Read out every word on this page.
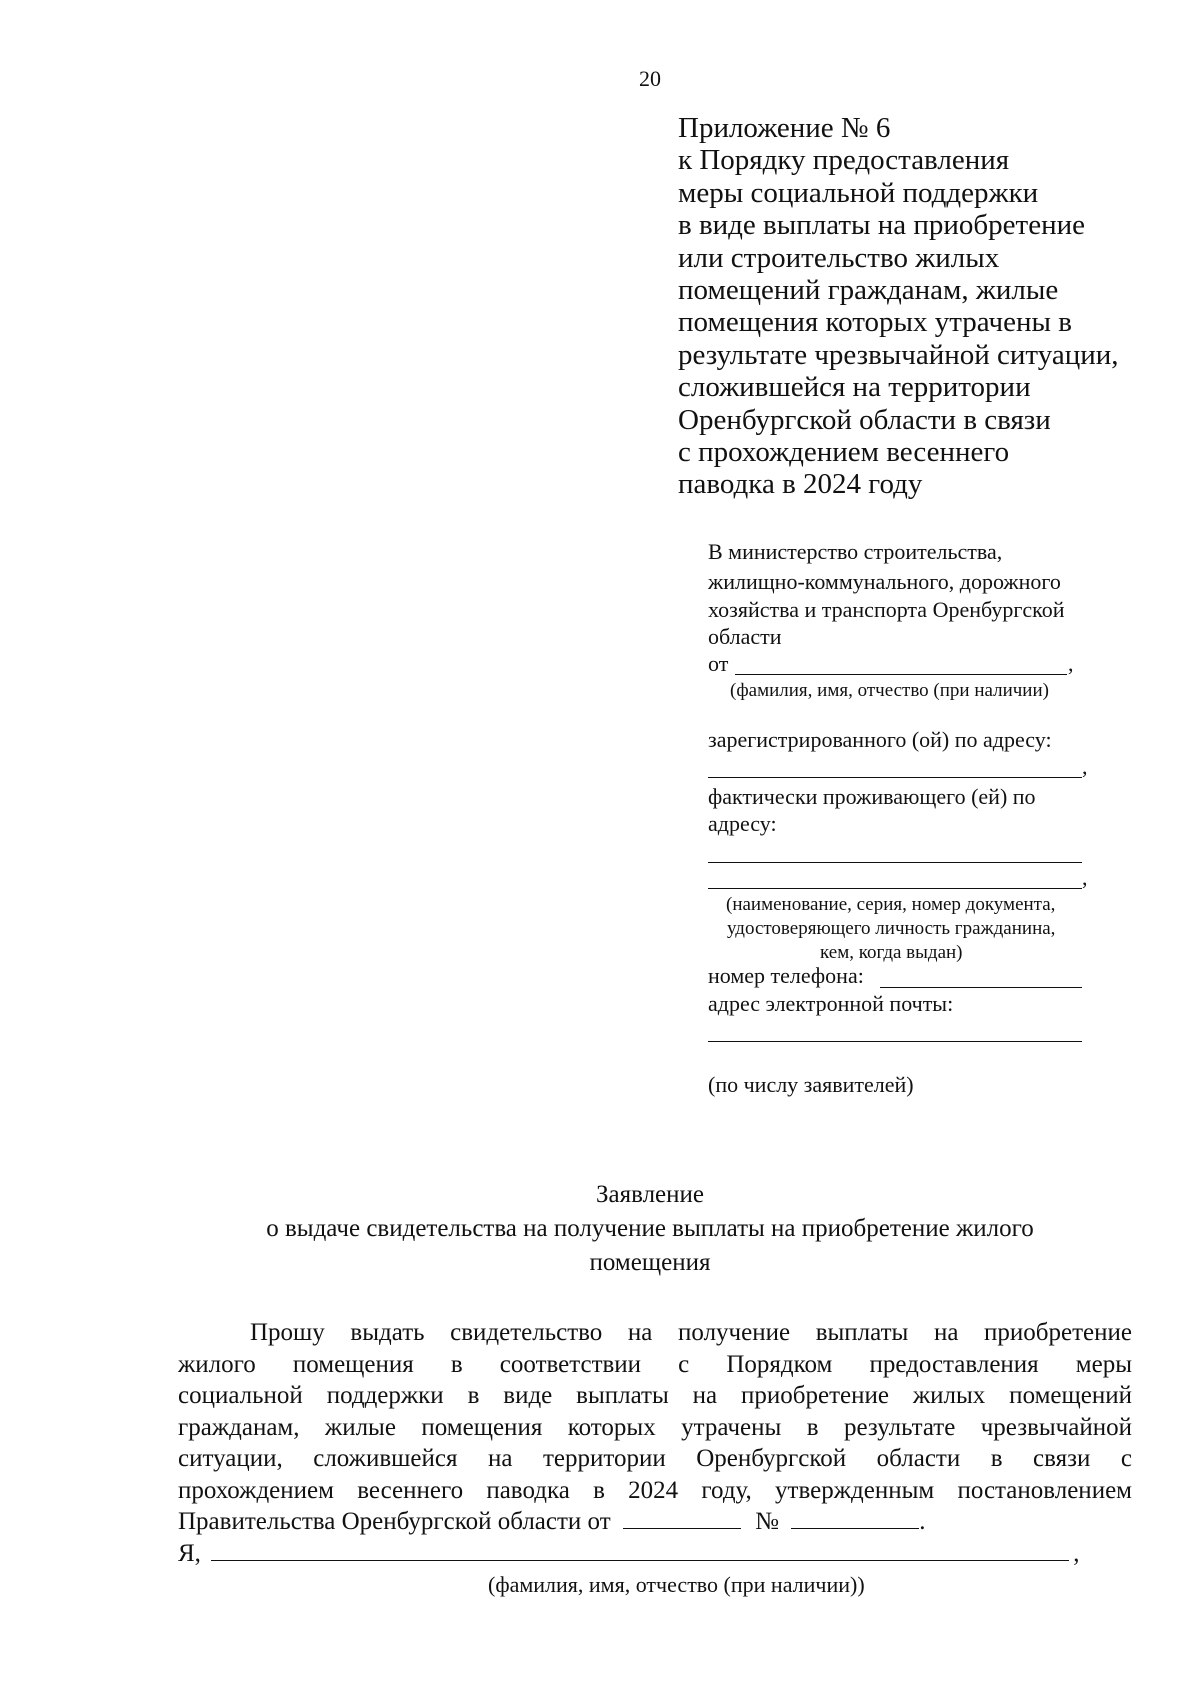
20
Приложение № 6
к Порядку предоставления
меры социальной поддержки
в виде выплаты на приобретение
или строительство жилых
помещений гражданам, жилые
помещения которых утрачены в
результате чрезвычайной ситуации,
сложившейся на территории
Оренбургской области в связи
с прохождением весеннего
паводка в 2024 году
В министерство строительства,
жилищно-коммунального, дорожного
хозяйства и транспорта Оренбургской
области
от	,
(фамилия, имя, отчество (при наличии)
зарегистрированного (ой) по адресу:
,
фактически проживающего (ей) по
адресу:
,
(наименование, серия, номер документа,
удостоверяющего личность гражданина,
кем, когда выдан)
номер телефона:
адрес электронной почты:
(по числу заявителей)
Заявление
о выдаче свидетельства на получение выплаты на приобретение жилого
помещения
Прошу выдать свидетельство на получение выплаты на приобретение
жилого помещения в соответствии с Порядком предоставления меры
социальной поддержки в виде выплаты на приобретение жилых помещений
гражданам, жилые помещения которых утрачены в результате чрезвычайной
ситуации, сложившейся на территории Оренбургской области в связи с
прохождением весеннего паводка в 2024 году, утвержденным постановлением
Правительства Оренбургской области от	№	.
Я,	,
(фамилия, имя, отчество (при наличии))
